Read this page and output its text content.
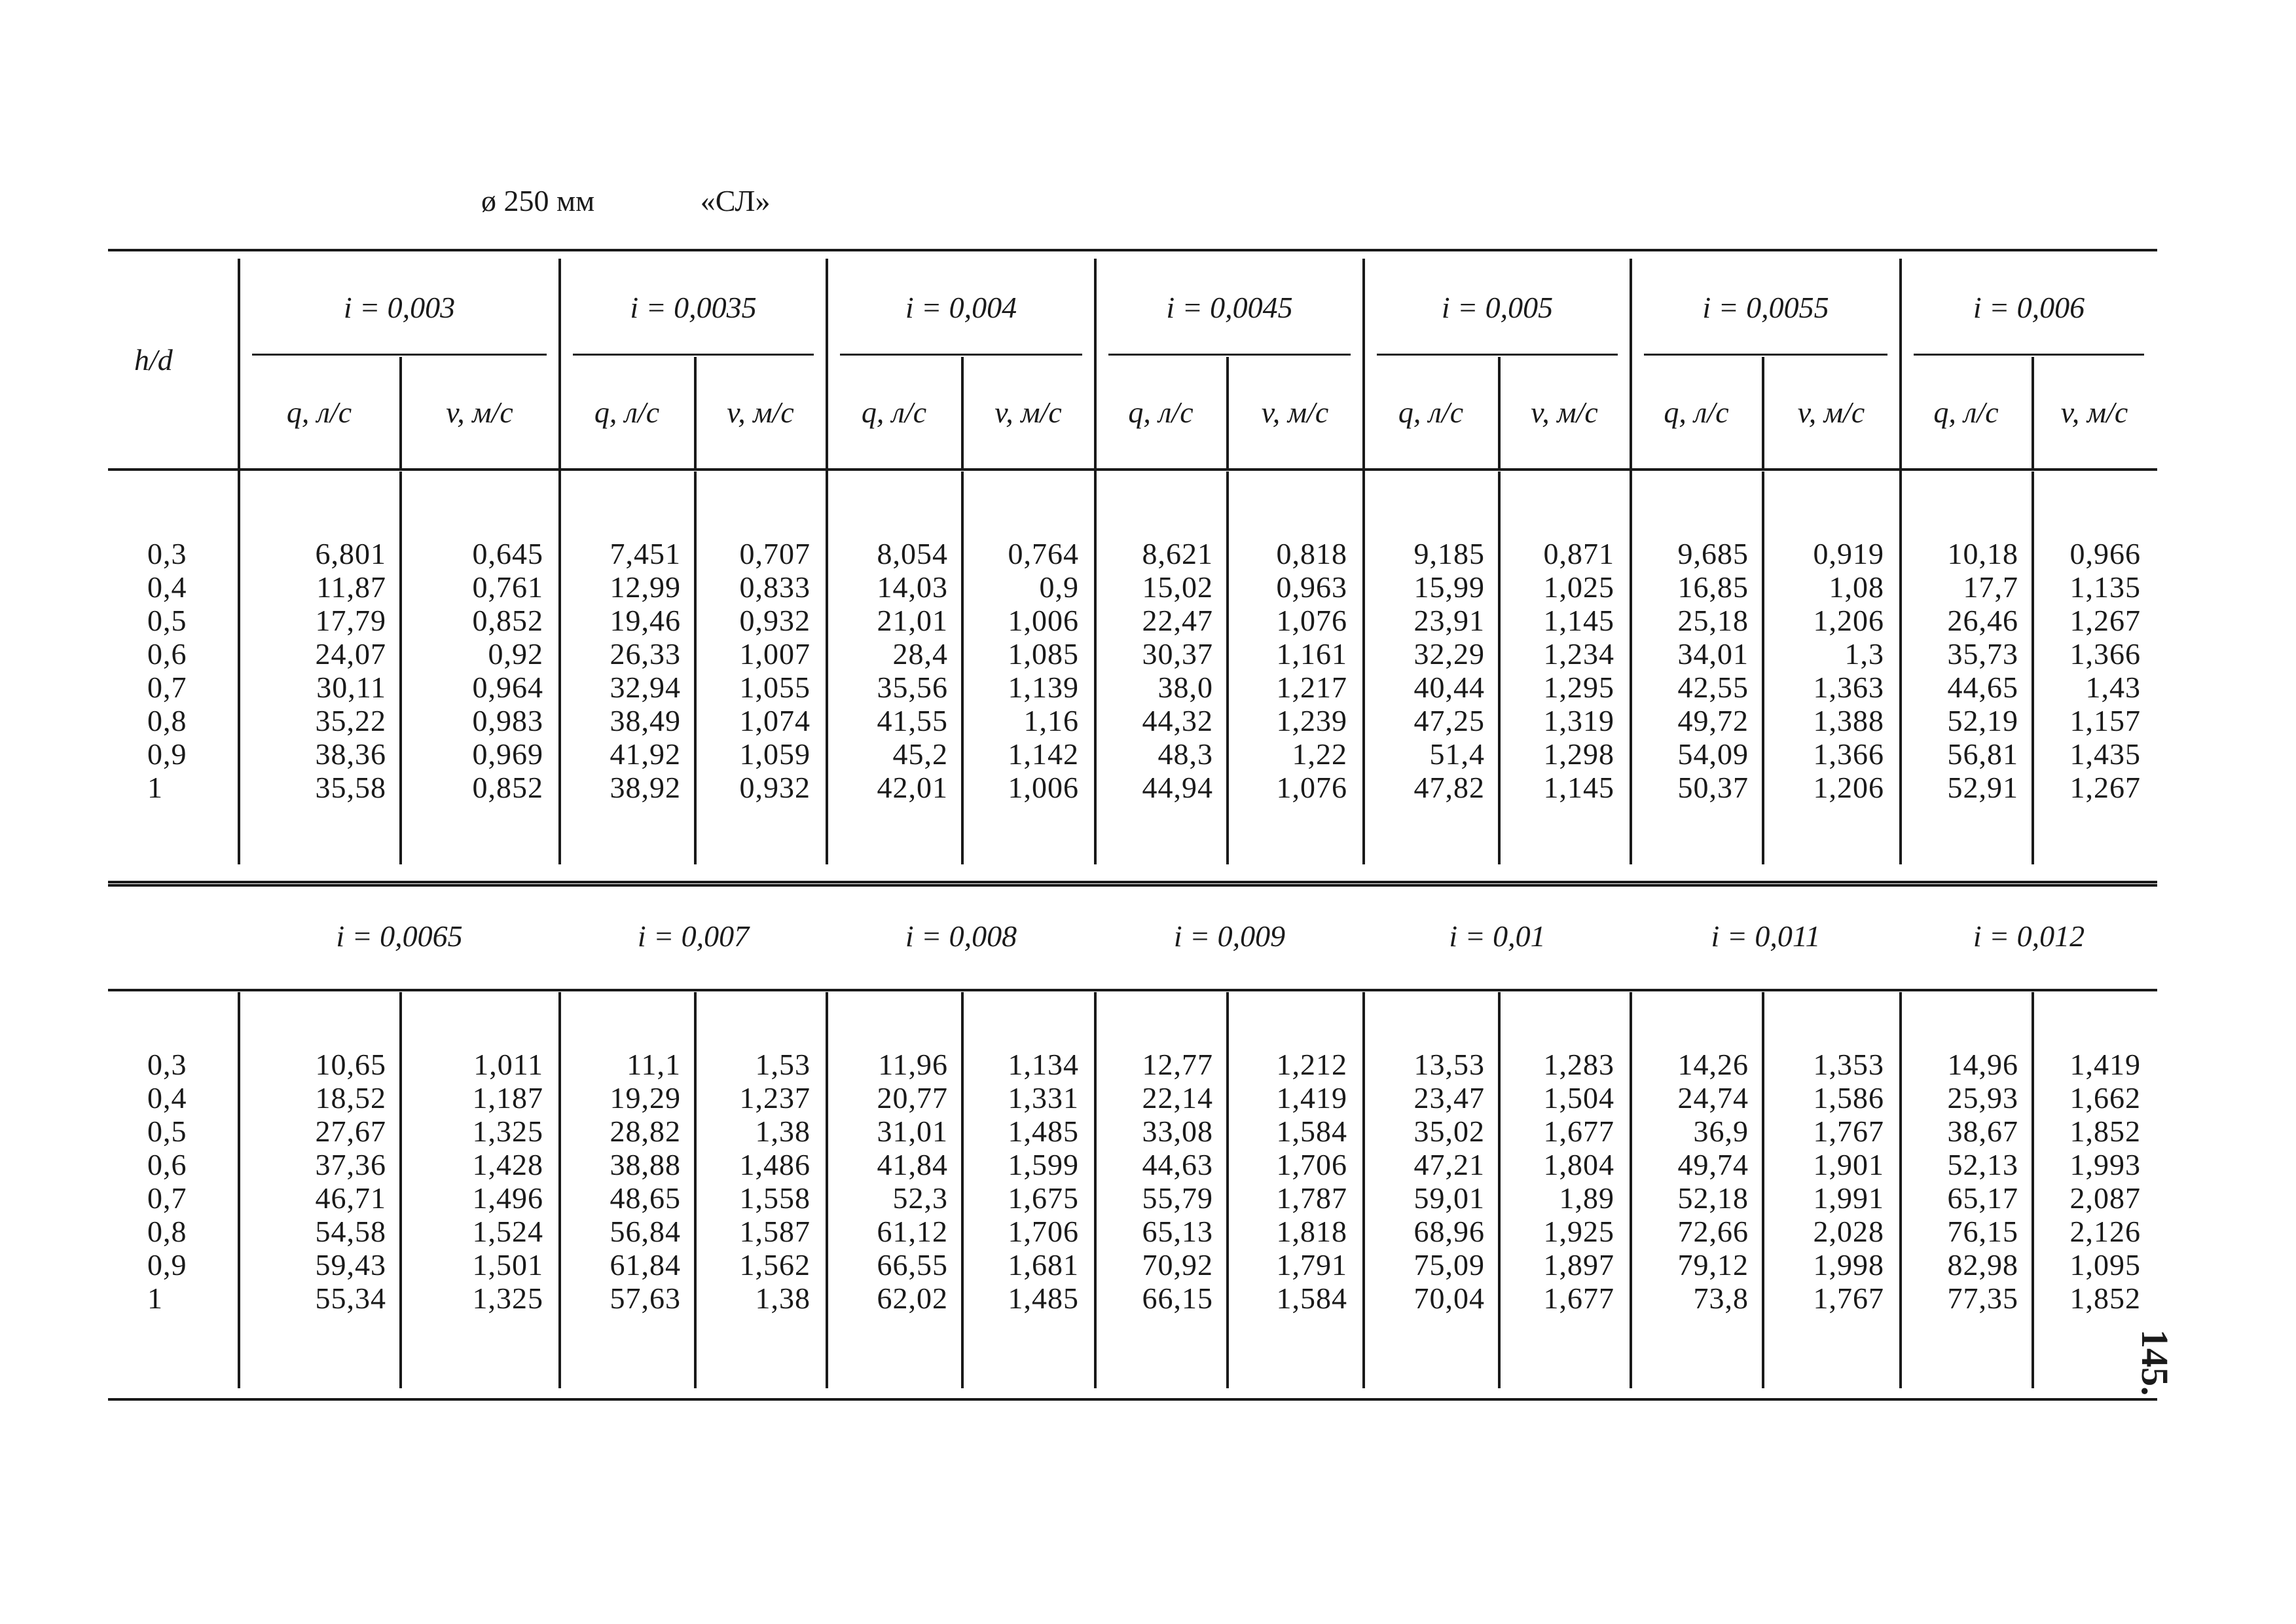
ø 250 мм	«СЛ»
h/d
0,3
0,4
0,5
0,6
0,7
0,8
0,9
1
i = 0,003
q, л/с	v, м/с
6,801
11,87
17,79
24,07
30,11
35,22
38,36
35,58
0,645
0,761
0,852
0,92
0,964
0,983
0,969
0,852
i = 0,0035
q, л/с v, м/с
7,451
12,99
19,46
26,33
32,94
38,49
41,92
38,92
0,707
0,833
0,932
1,007
1,055
1,074
1,059
0,932
i = 0,004
q, л/с v, м/с
8,054
14,03
21,01
28,4
35,56
41,55
45,2
42,01
0,764
0,9
1,006
1,085
1,139
1,16
1,142
1,006
i = 0,0045
q, л/с v, м/с
8,621
15,02
22,47
30,37
38,0
44,32
48,3
44,94
0,818
0,963
1,076
1,161
1,217
1,239
1,22
1,076
i = 0,005
q, л/с v, м/с
9,185
15,99
23,91
32,29
40,44
47,25
51,4
47,82
0,871
1,025
1,145
1,234
1,295
1,319
1,298
1,145
i = 0,0055
q, л/с v, м/с
9,685
16,85
25,18
34,01
42,55
49,72
54,09
50,37
0,919
1,08
1,206
1,3
1,363
1,388
1,366
1,206
i = 0,006
q, л/с v, м/с
10,18
17,7
26,46
35,73
44,65
52,19
56,81
52,91
0,966
1,135
1,267
1,366
1,43
1,157
1,435
1,267
0,3
0,4
0,5
0,6
0,7
0,8
0,9
1
i = 0,0065
10,65
18,52
27,67
37,36
46,71
54,58
59,43
55,34
1,011
1,187
1,325
1,428
1,496
1,524
1,501
1,325
i = 0,007
11,1
19,29
28,82
38,88
48,65
56,84
61,84
57,63
1,53
1,237
1,38
1,486
1,558
1,587
1,562
1,38
i = 0,008
11,96
20,77
31,01
41,84
52,3
61,12
66,55
62,02
1,134
1,331
1,485
1,599
1,675
1,706
1,681
1,485
i = 0,009
12,77
22,14
33,08
44,63
55,79
65,13
70,92
66,15
1,212
1,419
1,584
1,706
1,787
1,818
1,791
1,584
i = 0,01
13,53
23,47
35,02
47,21
59,01
68,96
75,09
70,04
1,283
1,504
1,677
1,804
1,89
1,925
1,897
1,677
i = 0,011
14,26
24,74
36,9
49,74
52,18
72,66
79,12
73,8
1,353
1,586
1,767
1,901
1,991
2,028
1,998
1,767
i = 0,012
14,96
25,93
38,67
52,13
65,17
76,15
82,98
77,35
1,419
1,662
1,852
1,993
2,087
2,126
1,095
1,852
145.
